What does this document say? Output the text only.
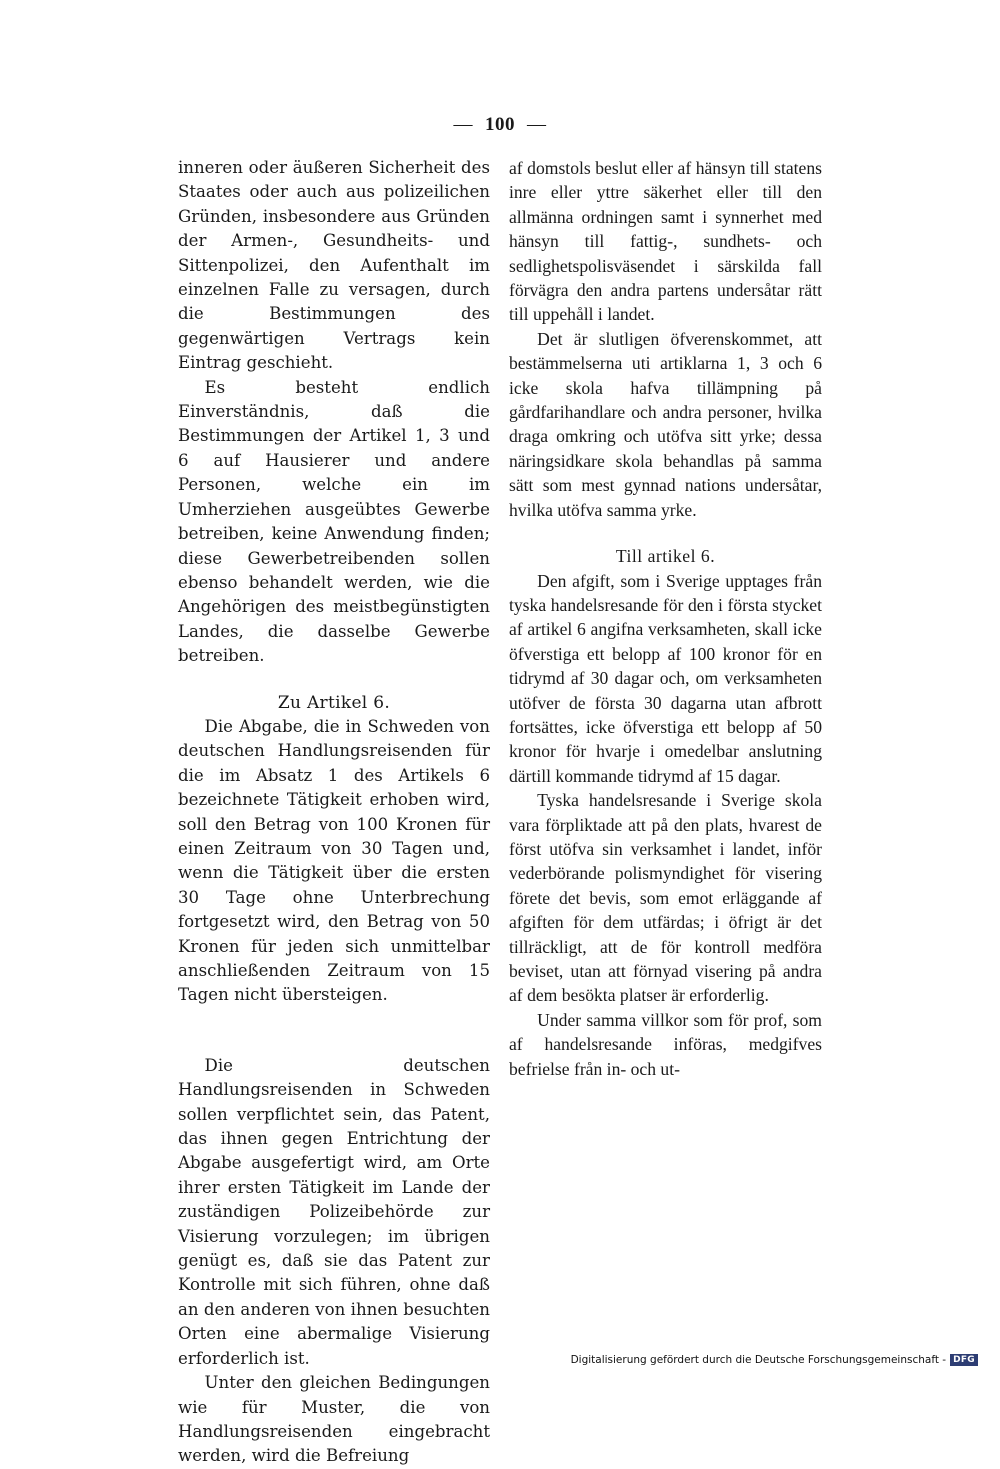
— 100 —

inneren oder äußeren Sicherheit des Staates oder auch aus polizeilichen Gründen, insbesondere aus Gründen der Armen-, Gesundheits- und Sittenpolizei, den Aufenthalt im einzelnen Falle zu versagen, durch die Bestimmungen des gegenwärtigen Vertrags kein Eintrag geschieht.

Es besteht endlich Einverständnis, daß die Bestimmungen der Artikel 1, 3 und 6 auf Hausierer und andere Personen, welche ein im Umherziehen ausgeübtes Gewerbe betreiben, keine Anwendung finden; diese Gewerbetreibenden sollen ebenso behandelt werden, wie die Angehörigen des meistbegünstigten Landes, die dasselbe Gewerbe betreiben.

Zu Artikel 6.

Die Abgabe, die in Schweden von deutschen Handlungsreisenden für die im Absatz 1 des Artikels 6 bezeichnete Tätigkeit erhoben wird, soll den Betrag von 100 Kronen für einen Zeitraum von 30 Tagen und, wenn die Tätigkeit über die ersten 30 Tage ohne Unterbrechung fortgesetzt wird, den Betrag von 50 Kronen für jeden sich unmittelbar anschließenden Zeitraum von 15 Tagen nicht übersteigen.

Die deutschen Handlungsreisenden in Schweden sollen verpflichtet sein, das Patent, das ihnen gegen Entrichtung der Abgabe ausgefertigt wird, am Orte ihrer ersten Tätigkeit im Lande der zuständigen Polizeibehörde zur Visierung vorzulegen; im übrigen genügt es, daß sie das Patent zur Kontrolle mit sich führen, ohne daß an den anderen von ihnen besuchten Orten eine abermalige Visierung erforderlich ist.

Unter den gleichen Bedingungen wie für Muster, die von Handlungsreisenden eingebracht werden, wird die Befreiung

af domstols beslut eller af hänsyn till statens inre eller yttre säkerhet eller till den allmänna ordningen samt i synnerhet med hänsyn till fattig-, sundhets- och sedlighetspolisväsendet i särskilda fall förvägra den andra partens undersåtar rätt till uppehåll i landet.

Det är slutligen öfverenskommet, att bestämmelserna uti artiklarna 1, 3 och 6 icke skola hafva tillämpning på gårdfarihandlare och andra personer, hvilka draga omkring och utöfva sitt yrke; dessa näringsidkare skola behandlas på samma sätt som mest gynnad nations undersåtar, hvilka utöfva samma yrke.

Till artikel 6.

Den afgift, som i Sverige upptages från tyska handelsresande för den i första stycket af artikel 6 angifna verksamheten, skall icke öfverstiga ett belopp af 100 kronor för en tidrymd af 30 dagar och, om verksamheten utöfver de första 30 dagarna utan afbrott fortsättes, icke öfverstiga ett belopp af 50 kronor för hvarje i omedelbar anslutning därtill kommande tidrymd af 15 dagar.

Tyska handelsresande i Sverige skola vara förpliktade att på den plats, hvarest de först utöfva sin verksamhet i landet, inför vederbörande polismyndighet för visering förete det bevis, som emot erläggande af afgiften för dem utfärdas; i öfrigt är det tillräckligt, att de för kontroll medföra beviset, utan att förnyad visering på andra af dem besökta platser är erforderlig.

Under samma villkor som för prof, som af handelsresande införas, medgifves befrielse från in- och ut-

Digitalisierung gefördert durch die Deutsche Forschungsgemeinschaft - DFG
